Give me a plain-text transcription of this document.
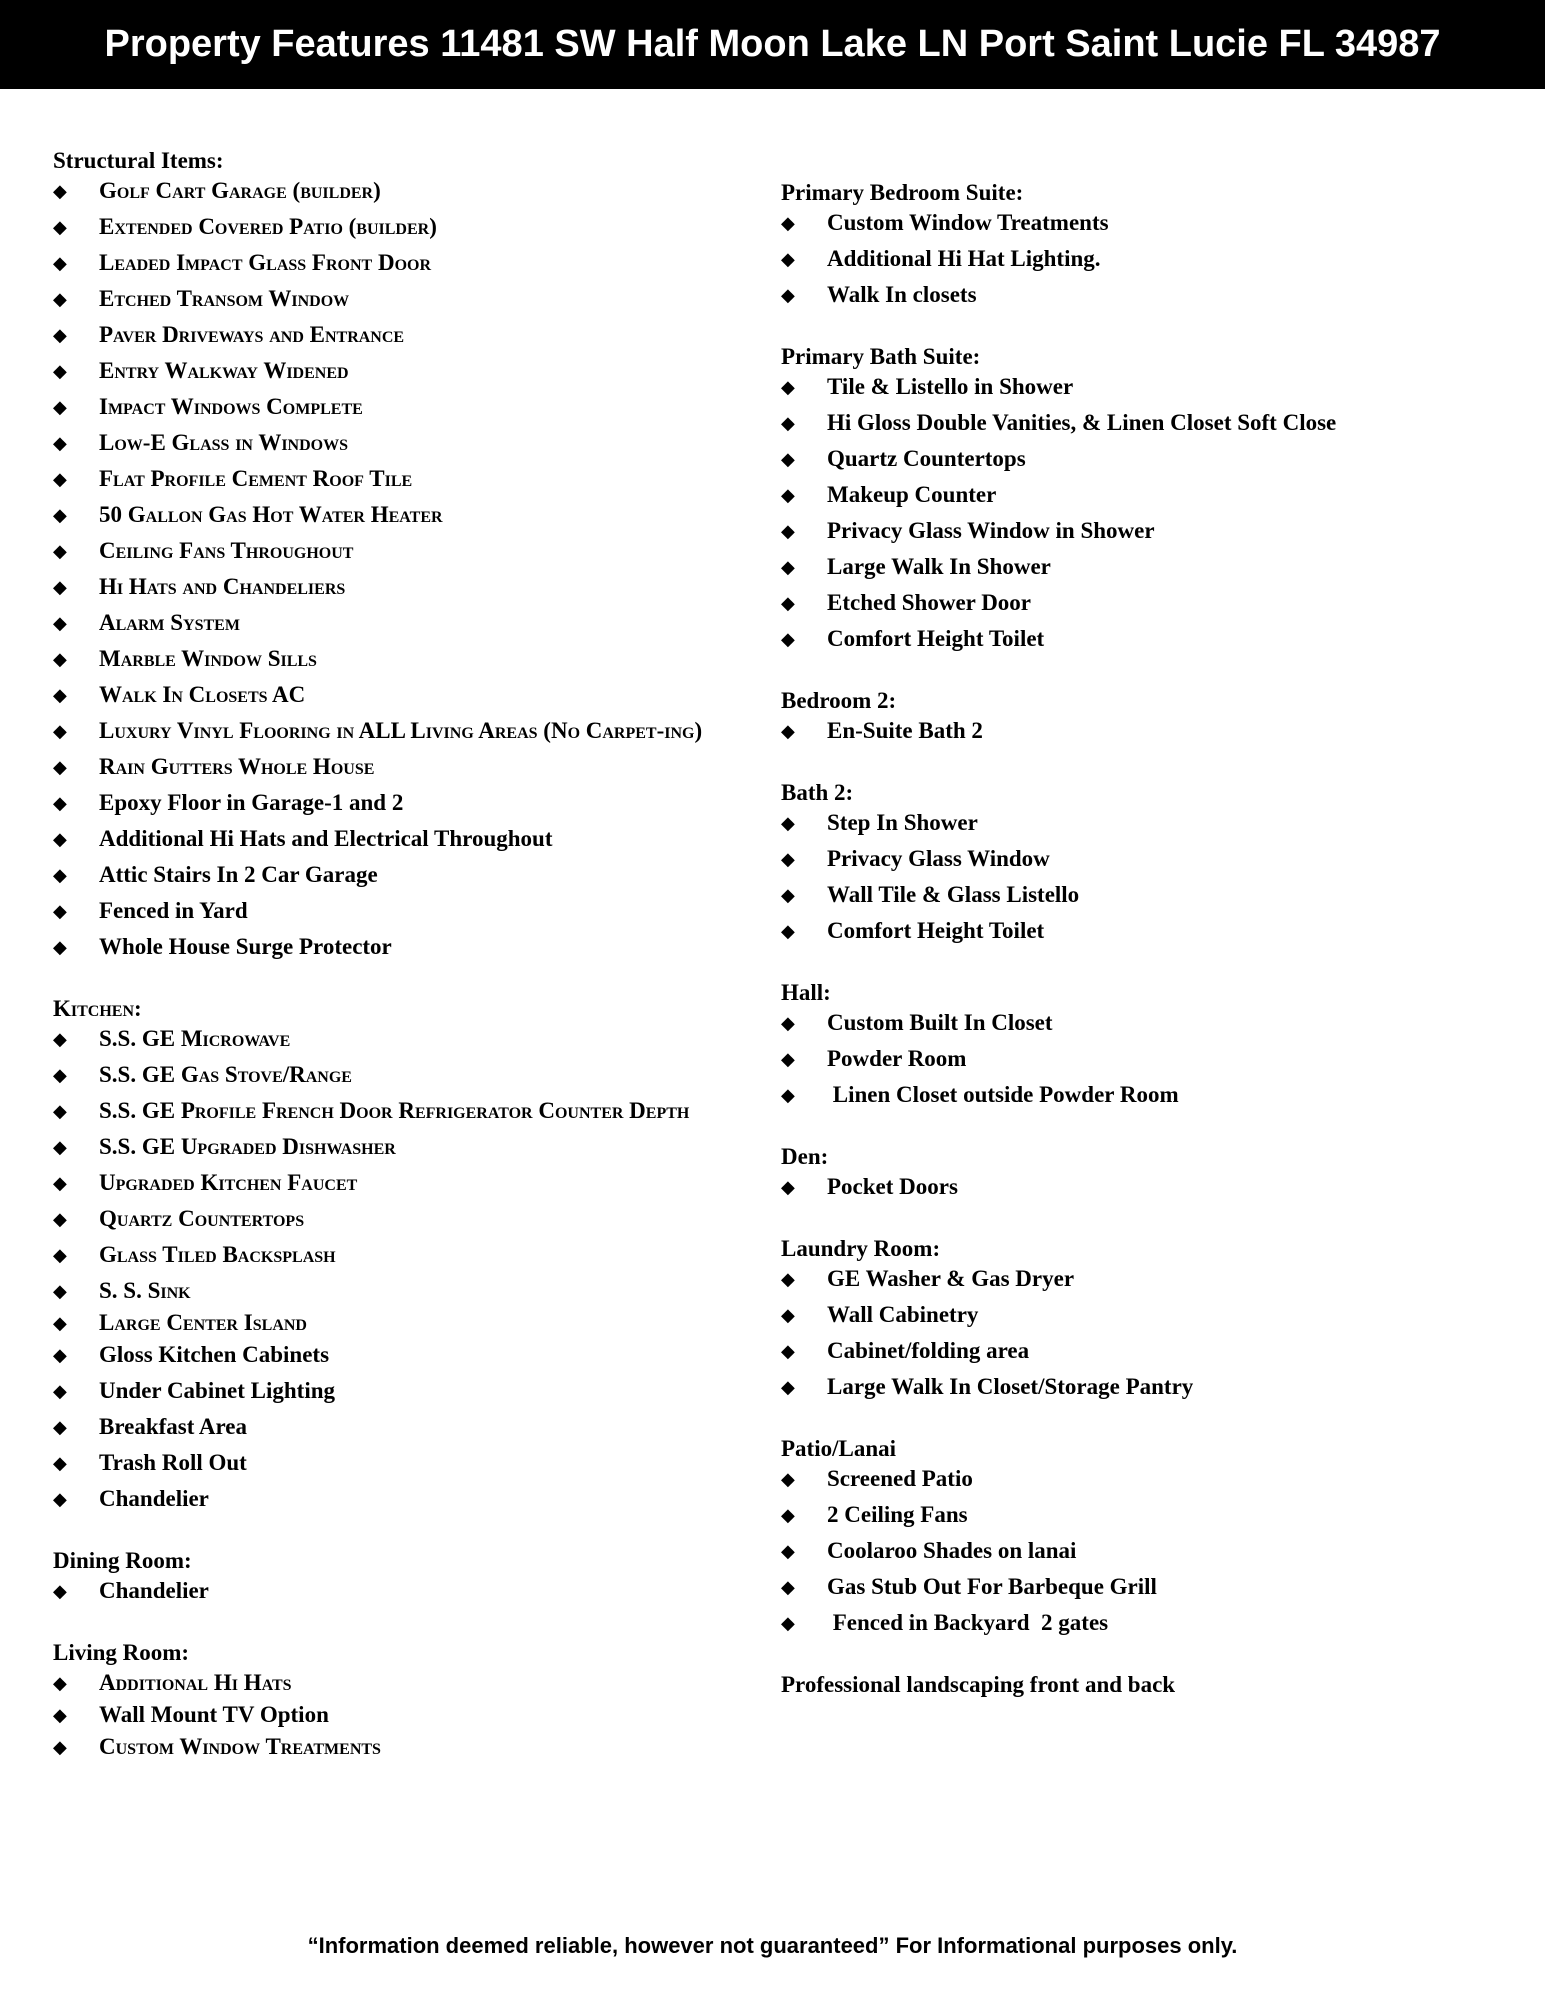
Property Features 11481 SW Half Moon Lake LN Port Saint Lucie FL 34987
Structural Items:
◆ Golf Cart Garage (builder)
◆ Extended Covered Patio (builder)
◆ Leaded Impact Glass Front Door
◆ Etched Transom Window
◆ Paver Driveways and Entrance
◆ Entry Walkway Widened
◆ Impact Windows Complete
◆ Low-E Glass in Windows
◆ Flat Profile Cement Roof Tile
◆ 50 Gallon Gas Hot Water Heater
◆ Ceiling Fans Throughout
◆ Hi Hats and Chandeliers
◆ Alarm System
◆ Marble Window Sills
◆ Walk In Closets AC
◆ Luxury Vinyl Flooring in ALL Living Areas (No Carpet-ing)
◆ Rain Gutters Whole House
◆ Epoxy Floor in Garage-1 and 2
◆ Additional Hi Hats and Electrical Throughout
◆ Attic Stairs In 2 Car Garage
◆ Fenced in Yard
◆ Whole House Surge Protector
Kitchen:
◆ S.S. GE Microwave
◆ S.S. GE Gas Stove/Range
◆ S.S. GE Profile French Door Refrigerator Counter Depth
◆ S.S. GE Upgraded Dishwasher
◆ Upgraded Kitchen Faucet
◆ Quartz Countertops
◆ Glass Tiled Backsplash
◆ S. S. Sink
◆ Large Center Island
◆ Gloss Kitchen Cabinets
◆ Under Cabinet Lighting
◆ Breakfast Area
◆ Trash Roll Out
◆ Chandelier
Dining Room:
◆ Chandelier
Living Room:
◆ Additional Hi Hats
◆ Wall Mount TV Option
◆ Custom Window Treatments
Primary Bedroom Suite:
◆ Custom Window Treatments
◆ Additional Hi Hat Lighting.
◆ Walk In closets
Primary Bath Suite:
◆ Tile & Listello in Shower
◆ Hi Gloss Double Vanities, & Linen Closet Soft Close
◆ Quartz Countertops
◆ Makeup Counter
◆ Privacy Glass Window in Shower
◆ Large Walk In Shower
◆ Etched Shower Door
◆ Comfort Height Toilet
Bedroom 2:
◆ En-Suite Bath 2
Bath 2:
◆ Step In Shower
◆ Privacy Glass Window
◆ Wall Tile & Glass Listello
◆ Comfort Height Toilet
Hall:
◆ Custom Built In Closet
◆ Powder Room
◆ Linen Closet outside Powder Room
Den:
◆ Pocket Doors
Laundry Room:
◆ GE Washer & Gas Dryer
◆ Wall Cabinetry
◆ Cabinet/folding area
◆ Large Walk In Closet/Storage Pantry
Patio/Lanai
◆ Screened Patio
◆ 2 Ceiling Fans
◆ Coolaroo Shades on lanai
◆ Gas Stub Out For Barbeque Grill
◆ Fenced in Backyard  2 gates
Professional landscaping front and back
“Information deemed reliable, however not guaranteed” For Informational purposes only.
